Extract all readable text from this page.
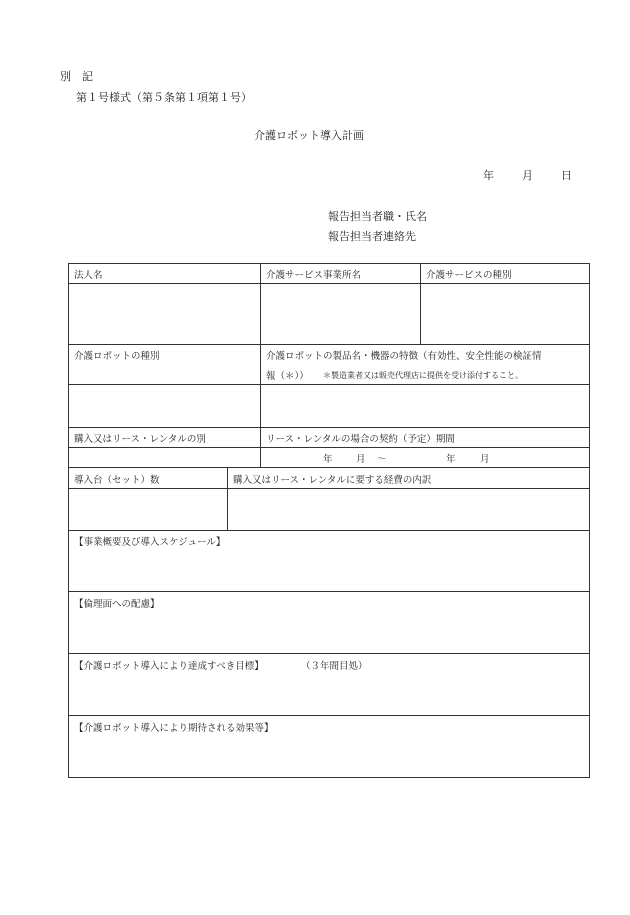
別　記
第１号様式（第５条第１項第１号）
介護ロボット導入計画
年	月	日
報告担当者職・氏名
報告担当者連絡先
法人名	介護サービス事業所名	介護サービスの種別
介護ロボットの種別	介護ロボットの製品名・機器の特徴（有効性、安全性能の検証情
報（＊）） ＊製造業者又は販売代理店に提供を受け添付すること。
購入又はリース・レンタルの別	リース・レンタルの場合の契約（予定）期間
年 月 ～	年	月
導入台（セット）数	購入又はリース・レンタルに要する経費の内訳
【事業概要及び導入スケジュール】
【倫理面への配慮】
【介護ロボット導入により達成すべき目標】	（３年間目処）
【介護ロボット導入により期待される効果等】
